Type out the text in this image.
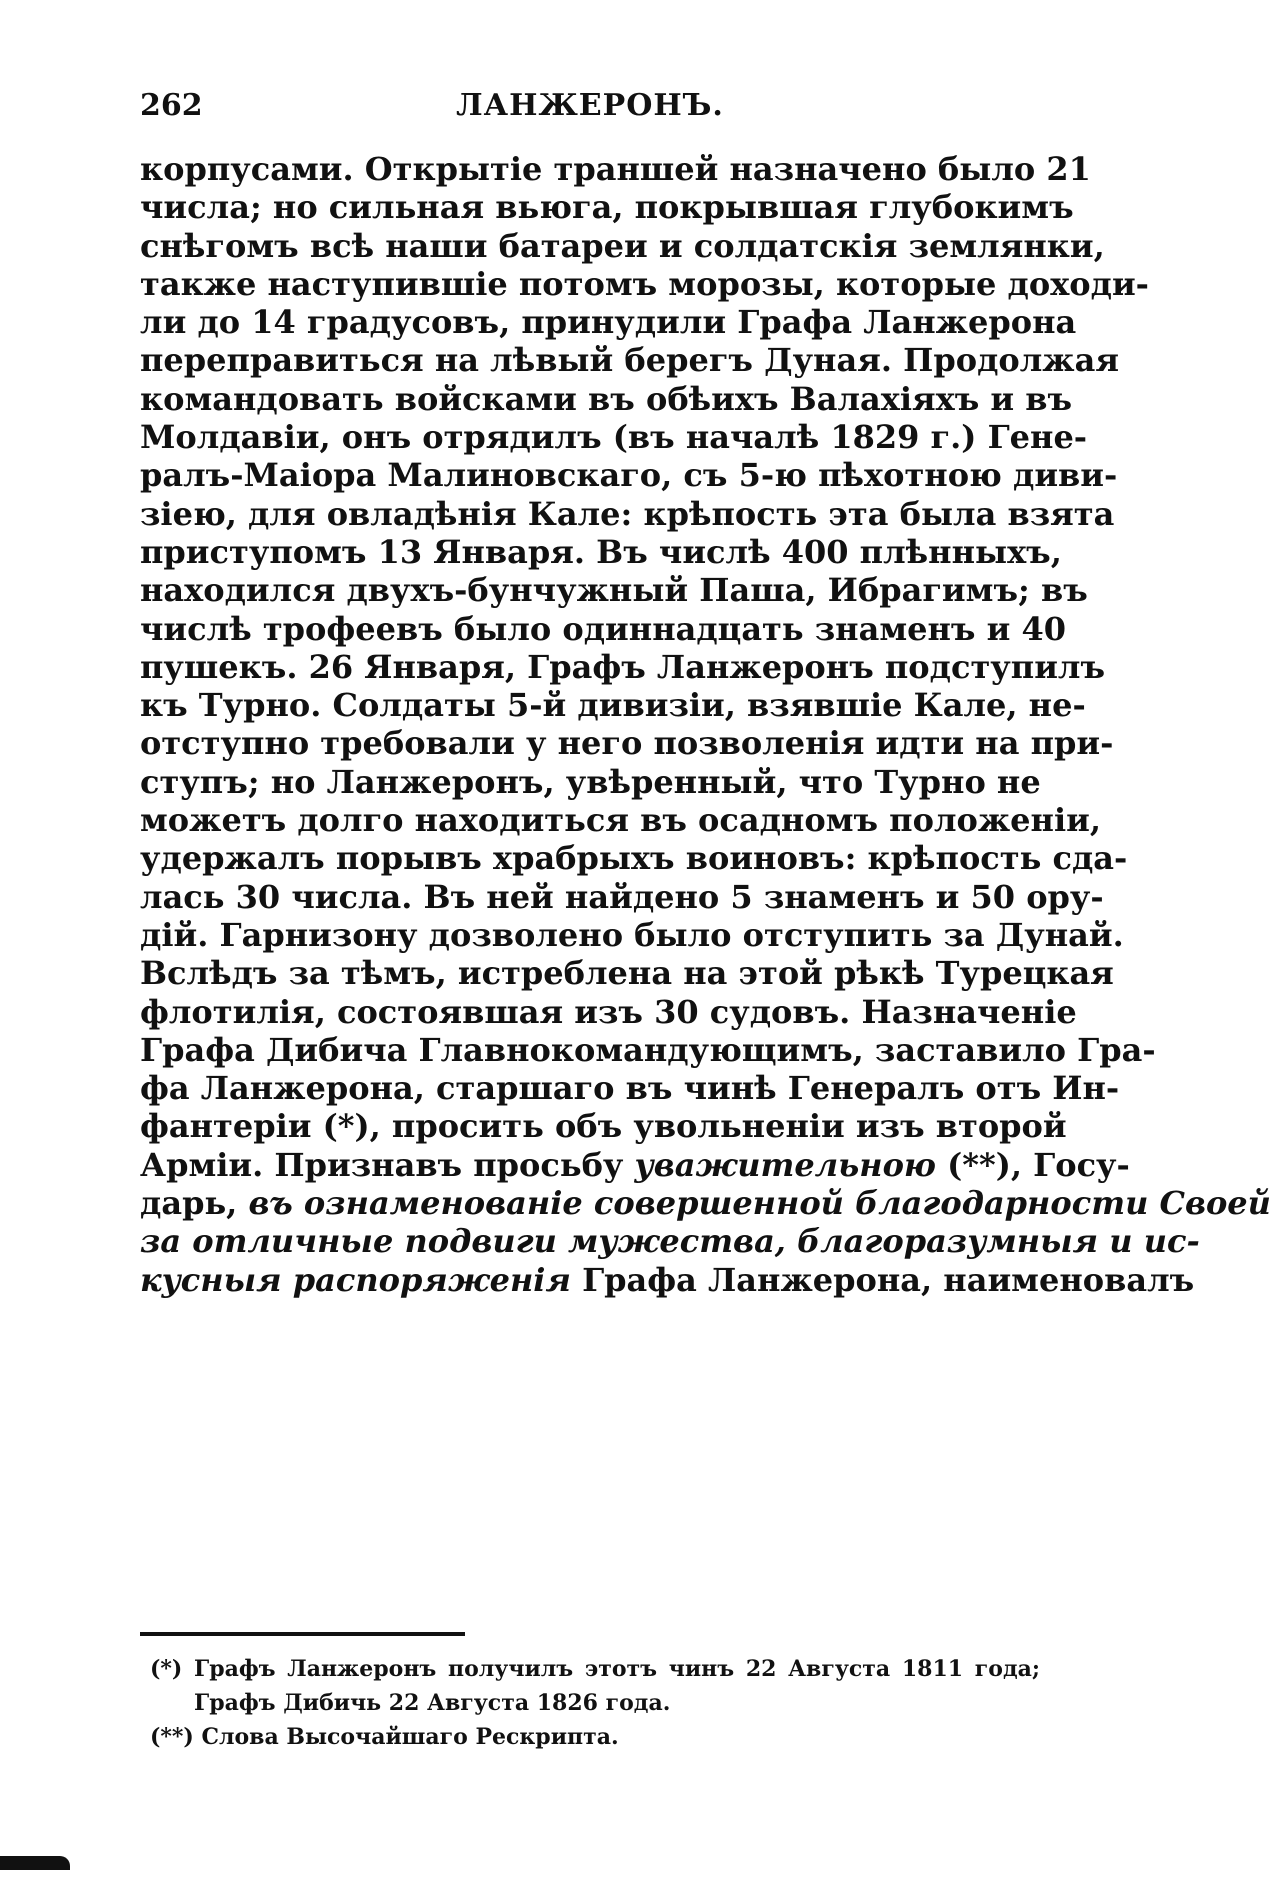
262	ЛАНЖЕРОНЪ.
корпусами. Открытіе траншей назначено было 21
числа; но сильная вьюга, покрывшая глубокимъ
снѣгомъ всѣ наши батареи и солдатскія землянки,
также наступившіе потомъ морозы, которые доходи-
ли до 14 градусовъ, принудили Графа Ланжерона
переправиться на лѣвый берегъ Дуная. Продолжая
командовать войсками въ обѣихъ Валахіяхъ и въ
Молдавіи, онъ отрядилъ (въ началѣ 1829 г.) Гене-
ралъ-Маіора Малиновскаго, съ 5-ю пѣхотною диви-
зіею, для овладѣнія Кале: крѣпость эта была взята
приступомъ 13 Января. Въ числѣ 400 плѣнныхъ,
находился двухъ-бунчужный Паша, Ибрагимъ; въ
числѣ трофеевъ было одиннадцать знаменъ и 40
пушекъ. 26 Января, Графъ Ланжеронъ подступилъ
къ Турно. Солдаты 5-й дивизіи, взявшіе Кале, не-
отступно требовали у него позволенія идти на при-
ступъ; но Ланжеронъ, увѣренный, что Турно не
можетъ долго находиться въ осадномъ положеніи,
удержалъ порывъ храбрыхъ воиновъ: крѣпость сда-
лась 30 числа. Въ ней найдено 5 знаменъ и 50 ору-
дій. Гарнизону дозволено было отступить за Дунай.
Вслѣдъ за тѣмъ, истреблена на этой рѣкѣ Турецкая
флотилія, состоявшая изъ 30 судовъ. Назначеніе
Графа Дибича Главнокомандующимъ, заставило Гра-
фа Ланжерона, старшаго въ чинѣ Генералъ отъ Ин-
фантеріи (*), просить объ увольненіи изъ второй
Арміи. Признавъ просьбу уважительною (**), Госу-
дарь, въ ознаменованіе совершенной благодарности Своей
за отличные подвиги мужества, благоразумныя и ис-
кусныя распоряженія Графа Ланжерона, наименовалъ
(*) Графъ Ланжеронъ получилъ этотъ чинъ 22 Августа 1811 года;
Графъ Дибичь 22 Августа 1826 года.
(**) Слова Высочайшаго Рескрипта.
